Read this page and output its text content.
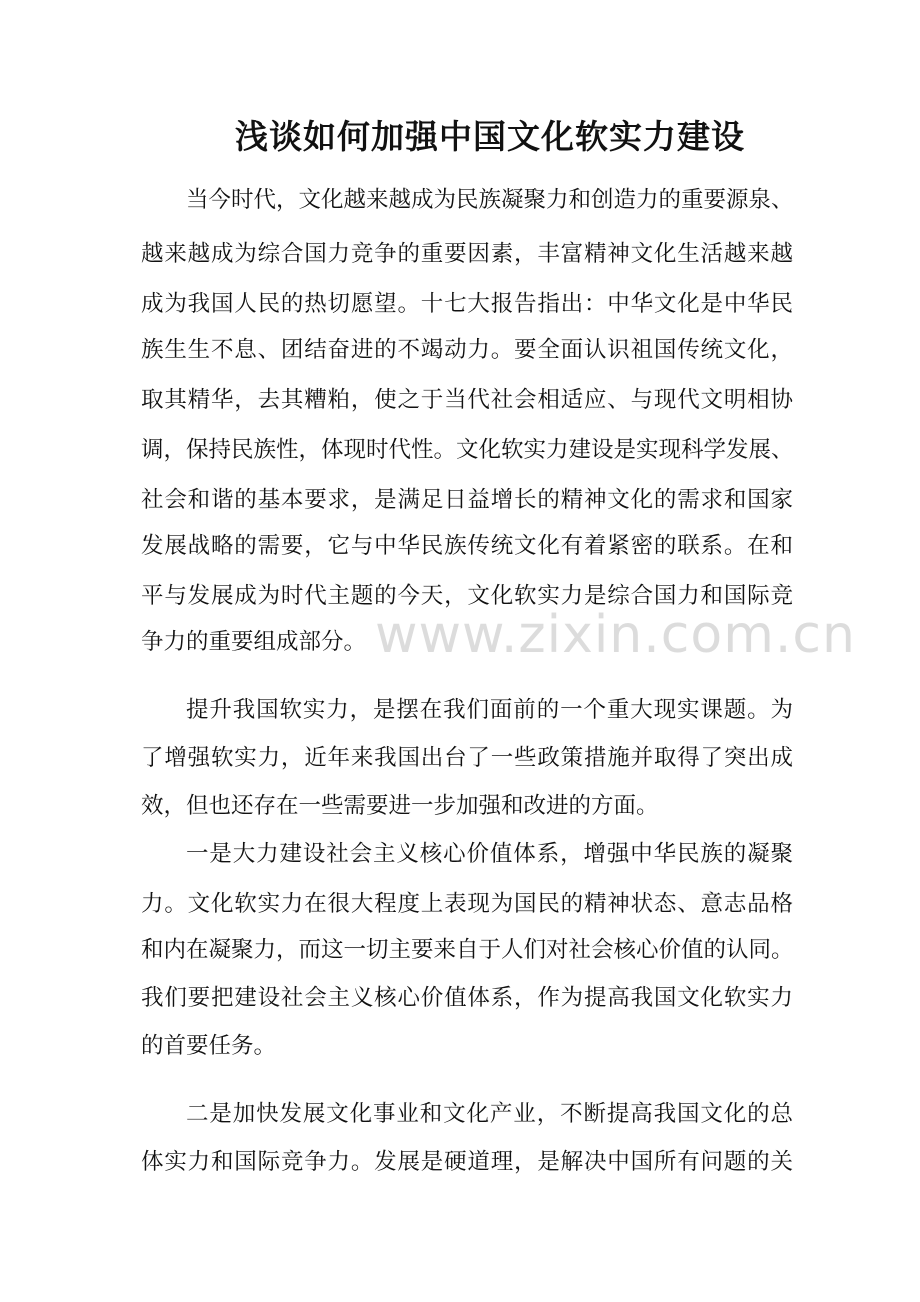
浅谈如何加强中国文化软实力建设
当今时代，文化越来越成为民族凝聚力和创造力的重要源泉、
越来越成为综合国力竞争的重要因素，丰富精神文化生活越来越
成为我国人民的热切愿望。十七大报告指出：中华文化是中华民
族生生不息、团结奋进的不竭动力。要全面认识祖国传统文化，
取其精华，去其糟粕，使之于当代社会相适应、与现代文明相协
调，保持民族性，体现时代性。文化软实力建设是实现科学发展、
社会和谐的基本要求，是满足日益增长的精神文化的需求和国家
发展战略的需要，它与中华民族传统文化有着紧密的联系。在和
平与发展成为时代主题的今天，文化软实力是综合国力和国际竞
争力的重要组成部分。
提升我国软实力，是摆在我们面前的一个重大现实课题。为
了增强软实力，近年来我国出台了一些政策措施并取得了突出成
效，但也还存在一些需要进一步加强和改进的方面。
一是大力建设社会主义核心价值体系，增强中华民族的凝聚
力。文化软实力在很大程度上表现为国民的精神状态、意志品格
和内在凝聚力，而这一切主要来自于人们对社会核心价值的认同。
我们要把建设社会主义核心价值体系，作为提高我国文化软实力
的首要任务。
二是加快发展文化事业和文化产业，不断提高我国文化的总
体实力和国际竞争力。发展是硬道理，是解决中国所有问题的关
www.zixin.com.cn
